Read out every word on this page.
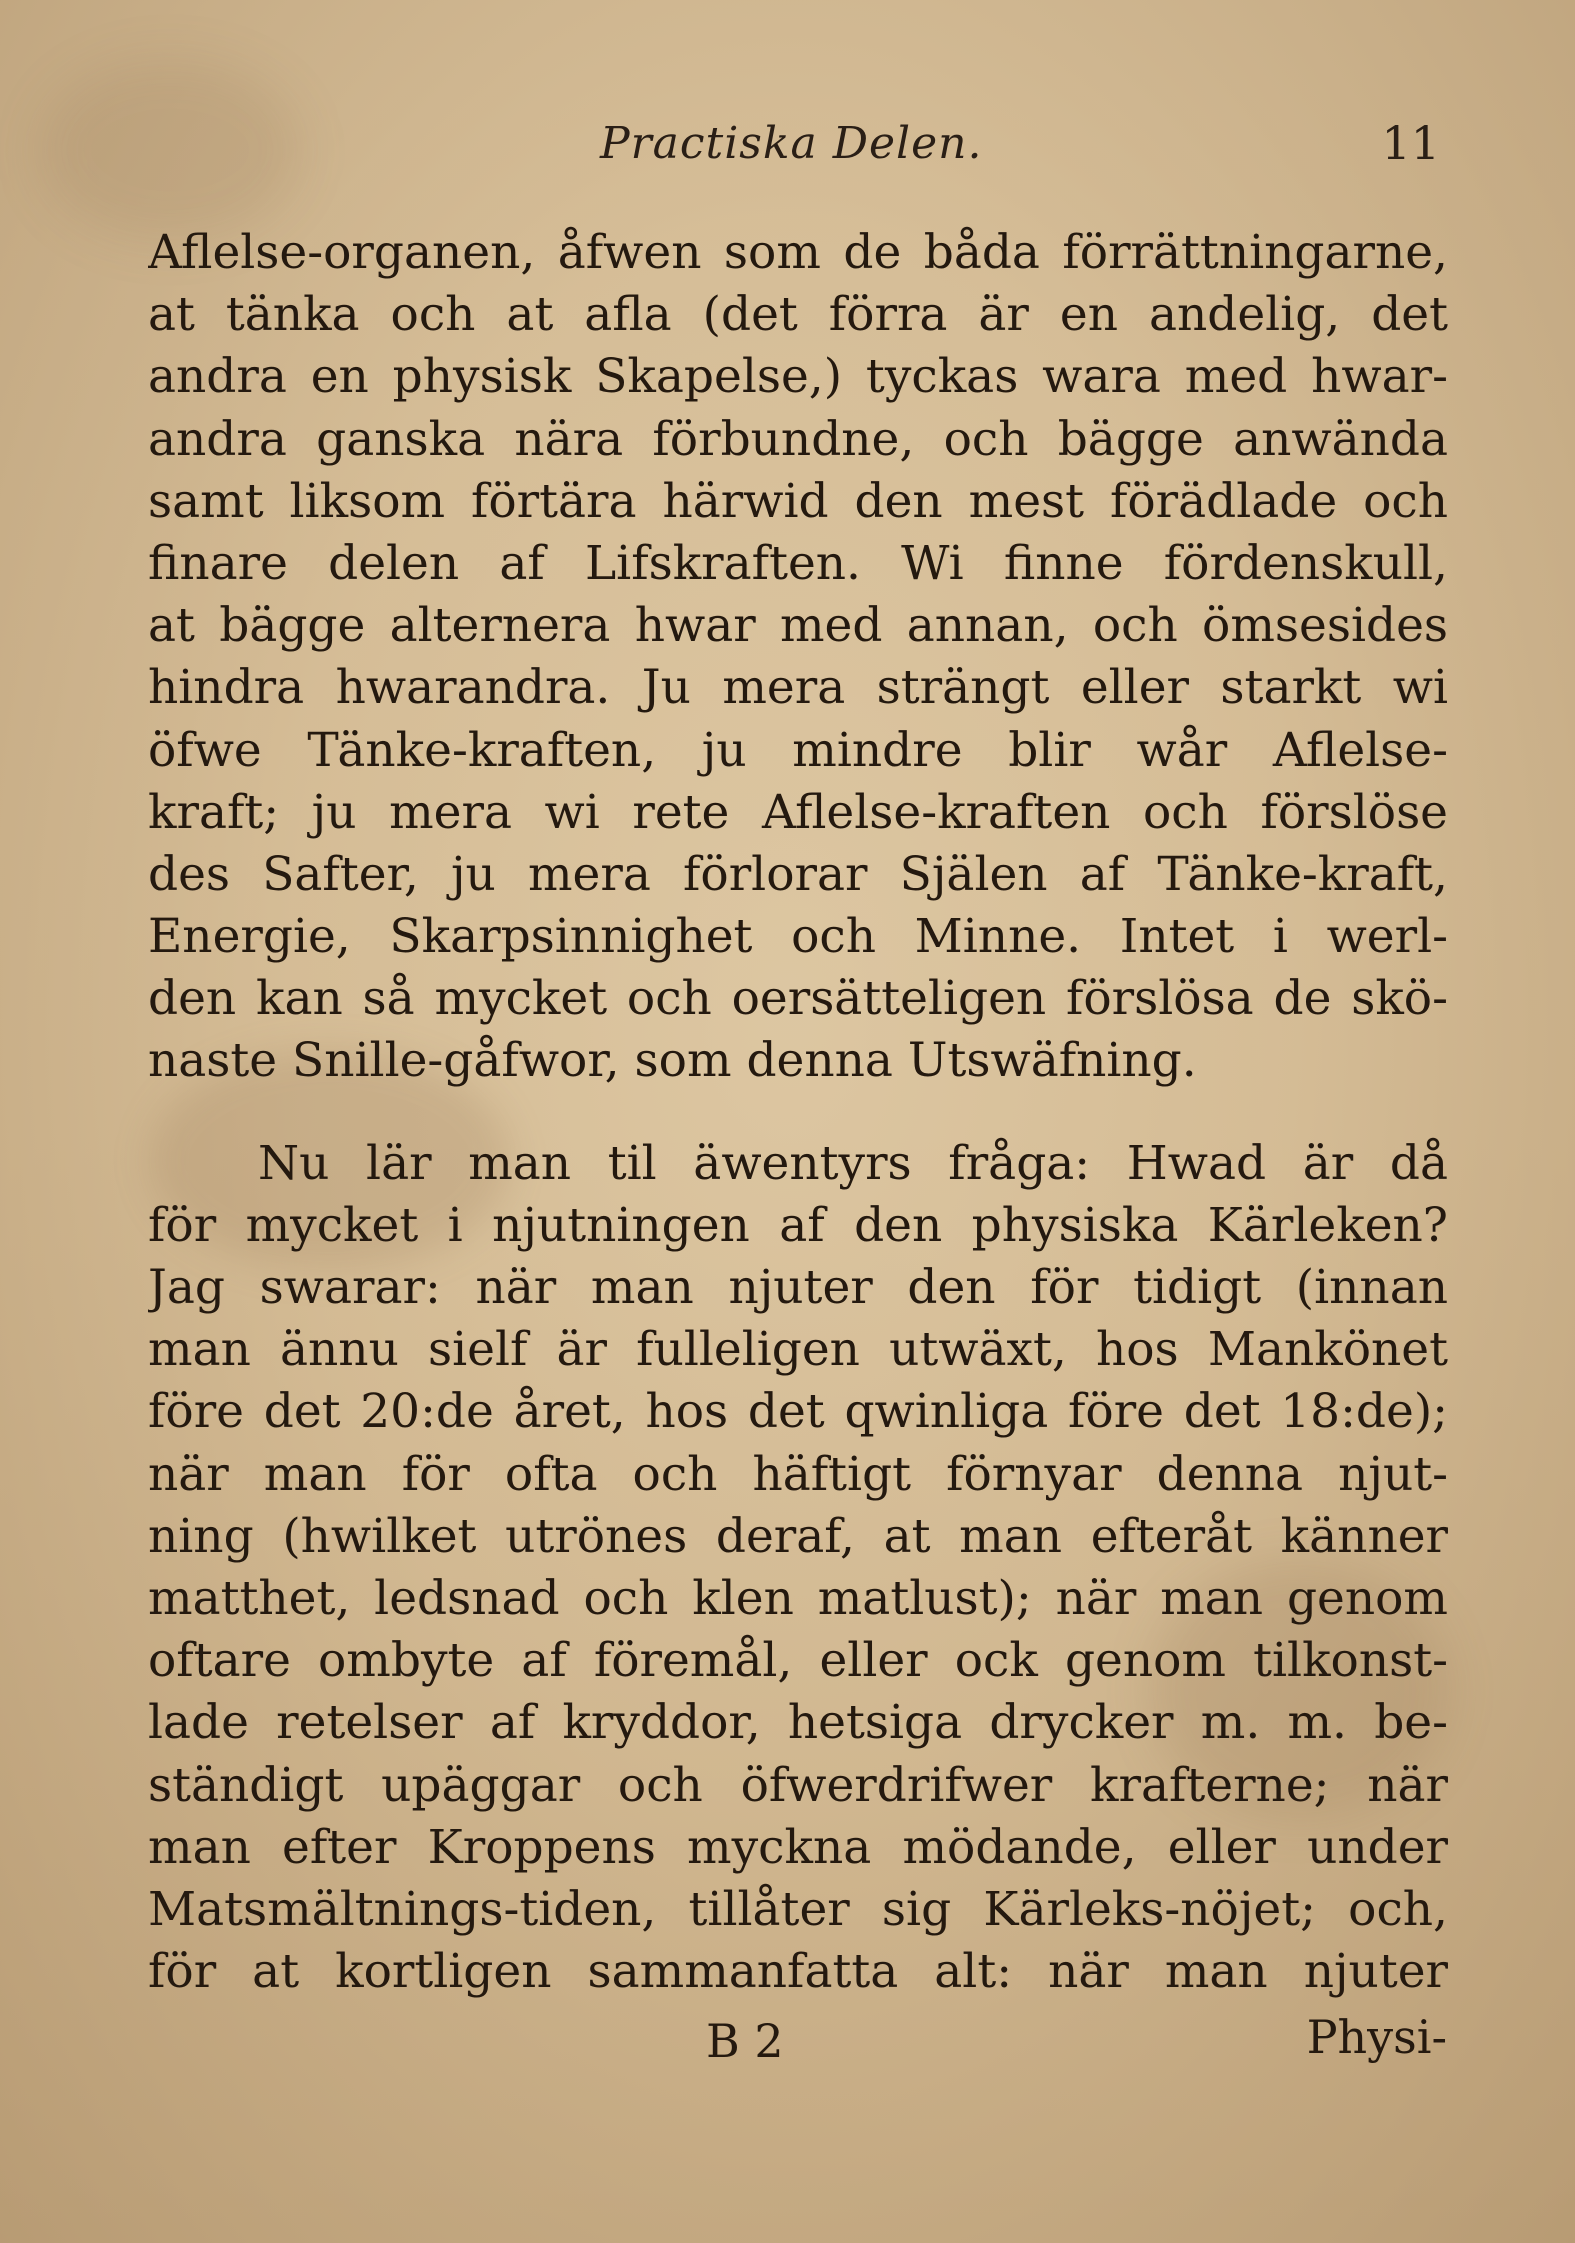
Practiska Delen.	11
Aflelse-organen, åfwen som de båda förrättningarne,
at tänka och at afla (det förra är en andelig, det
andra en physisk Skapelse,) tyckas wara med hwar-
andra ganska nära förbundne, och bägge anwända
samt liksom förtära härwid den mest förädlade och
finare delen af Lifskraften. Wi finne fördenskull,
at bägge alternera hwar med annan, och ömsesides
hindra hwarandra. Ju mera strängt eller starkt wi
öfwe Tänke-kraften, ju mindre blir wår Aflelse-
kraft; ju mera wi rete Aflelse-kraften och förslöse
des Safter, ju mera förlorar Själen af Tänke-kraft,
Energie, Skarpsinnighet och Minne. Intet i werl-
den kan så mycket och oersätteligen förslösa de skö-
naste Snille-gåfwor, som denna Utswäfning.
Nu lär man til äwentyrs fråga: Hwad är då
för mycket i njutningen af den physiska Kärleken?
Jag swarar: när man njuter den för tidigt (innan
man ännu sielf är fulleligen utwäxt, hos Mankönet
före det 20:de året, hos det qwinliga före det 18:de);
när man för ofta och häftigt förnyar denna njut-
ning (hwilket utrönes deraf, at man efteråt känner
matthet, ledsnad och klen matlust); när man genom
oftare ombyte af föremål, eller ock genom tilkonst-
lade retelser af kryddor, hetsiga drycker m. m. be-
ständigt upäggar och öfwerdrifwer krafterne; när
man efter Kroppens myckna mödande, eller under
Matsmältnings-tiden, tillåter sig Kärleks-nöjet; och,
för at kortligen sammanfatta alt: när man njuter
B 2	Physi-
